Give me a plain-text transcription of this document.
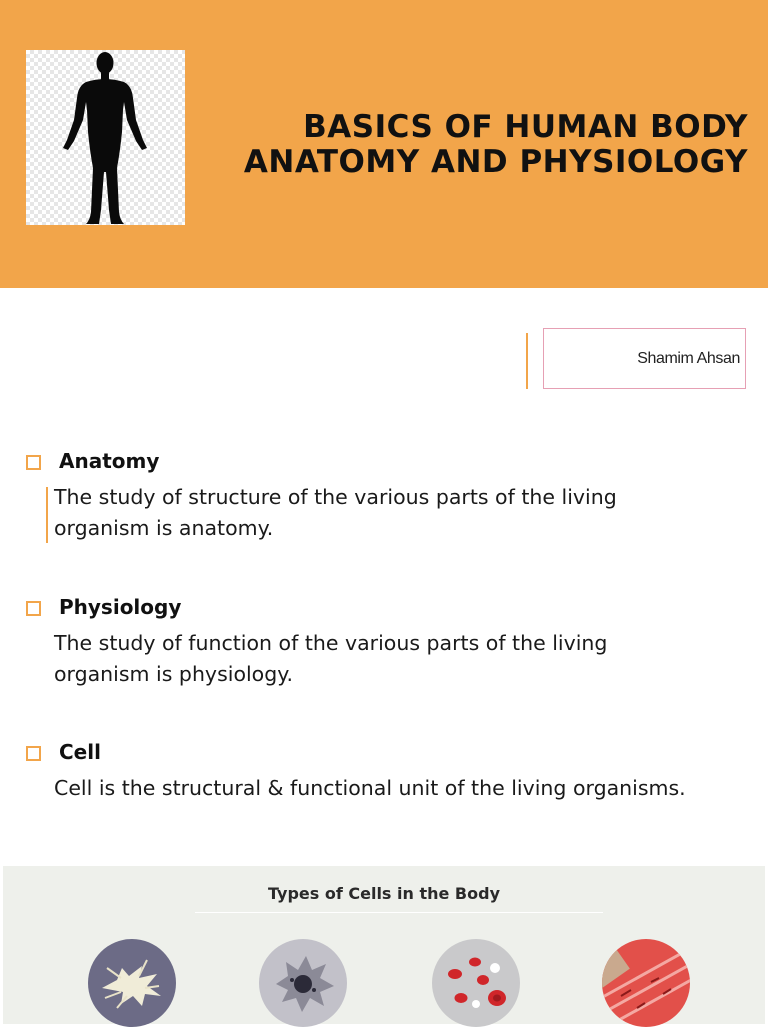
BASICS OF HUMAN BODY
ANATOMY AND PHYSIOLOGY
Shamim Ahsan
Anatomy
The study of structure of the various parts of the living
organism is anatomy.
Physiology
The study of function of the various parts of the living
organism is physiology.
Cell
Cell is the structural & functional unit of the living organisms.
Types of Cells in the Body
